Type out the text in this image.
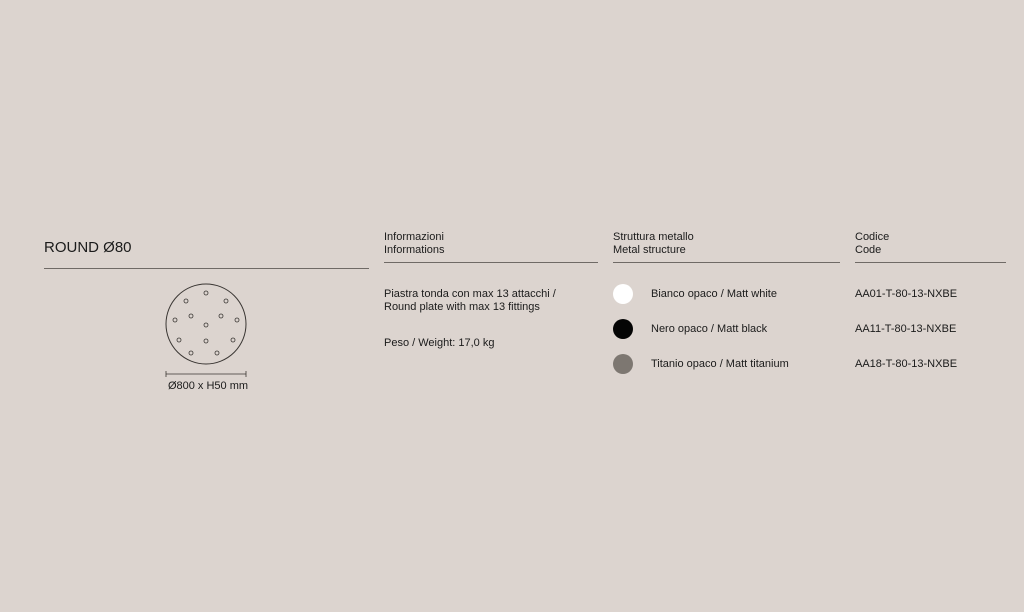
ROUND Ø80
Informazioni
Informations
Piastra tonda con max 13 attacchi /
Round plate with max 13 fittings
Peso / Weight: 17,0 kg
Struttura metallo
Metal structure
Codice
Code
Ø800 x H50 mm
Bianco opaco / Matt white
Nero opaco / Matt black
Titanio opaco / Matt titanium
AA01-T-80-13-NXBE
AA11-T-80-13-NXBE
AA18-T-80-13-NXBE
